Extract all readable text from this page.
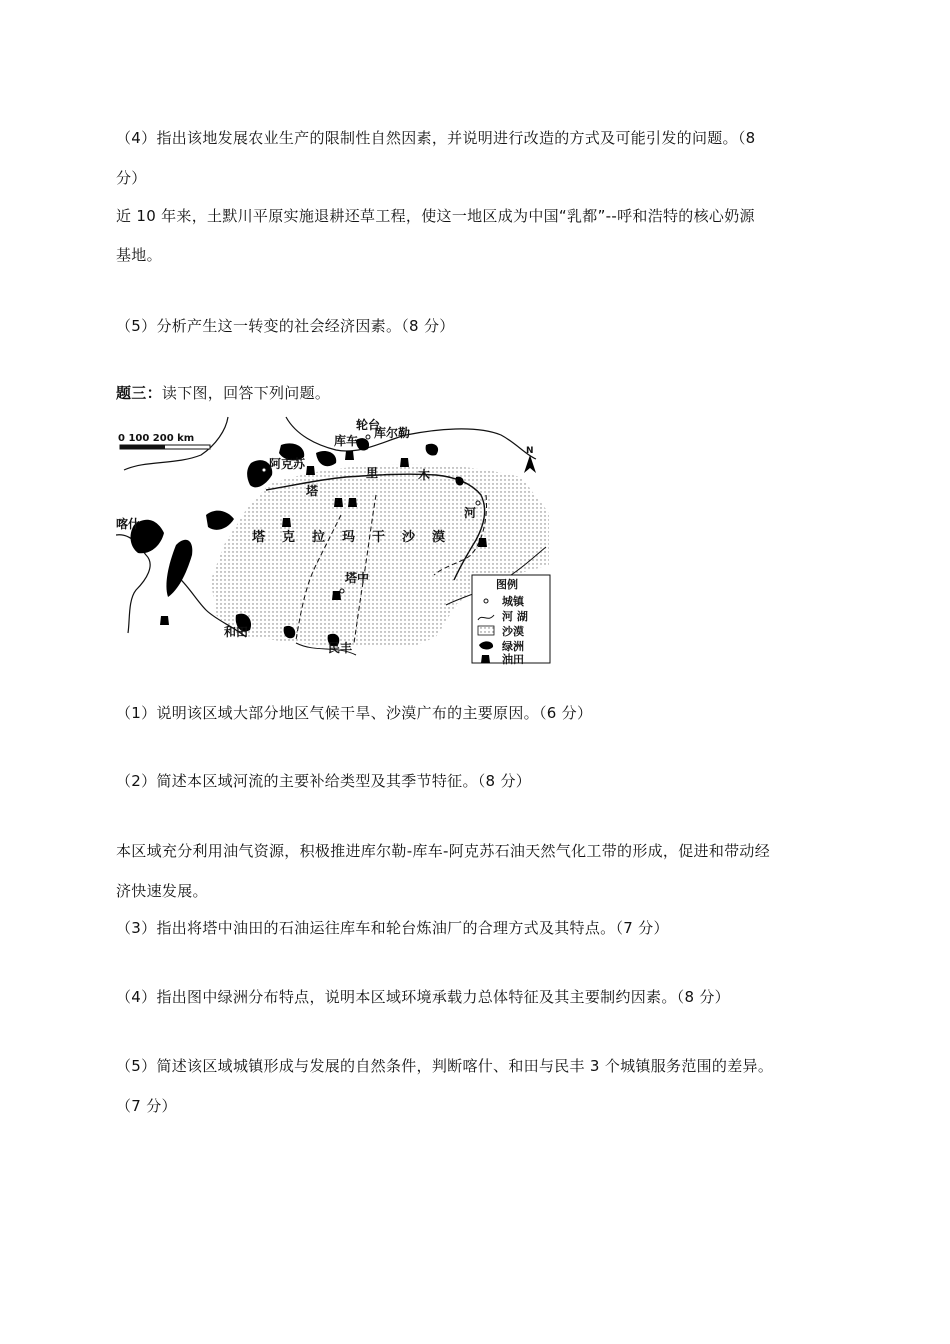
（4）指出该地发展农业生产的限制性自然因素，并说明进行改造的方式及可能引发的问题。（8
分）
近 10 年来，土默川平原实施退耕还草工程，使这一地区成为中国“乳都”--呼和浩特的核心奶源
基地。
（5）分析产生这一转变的社会经济因素。（8 分）
题三：读下图，回答下列问题。
0 100 200 km
N
轮台
库车
库尔勒
阿克苏
喀什
塔中
和田
民丰
塔
里	木
河
塔 克 拉 玛 干 沙 漠
图例
城镇
河 湖
沙漠
绿洲
油田
（1）说明该区域大部分地区气候干旱、沙漠广布的主要原因。（6 分）
（2）简述本区域河流的主要补给类型及其季节特征。（8 分）
本区域充分利用油气资源，积极推进库尔勒-库车-阿克苏石油天然气化工带的形成，促进和带动经
济快速发展。
（3）指出将塔中油田的石油运往库车和轮台炼油厂的合理方式及其特点。（7 分）
（4）指出图中绿洲分布特点，说明本区域环境承载力总体特征及其主要制约因素。（8 分）
（5）简述该区域城镇形成与发展的自然条件，判断喀什、和田与民丰 3 个城镇服务范围的差异。
（7 分）
